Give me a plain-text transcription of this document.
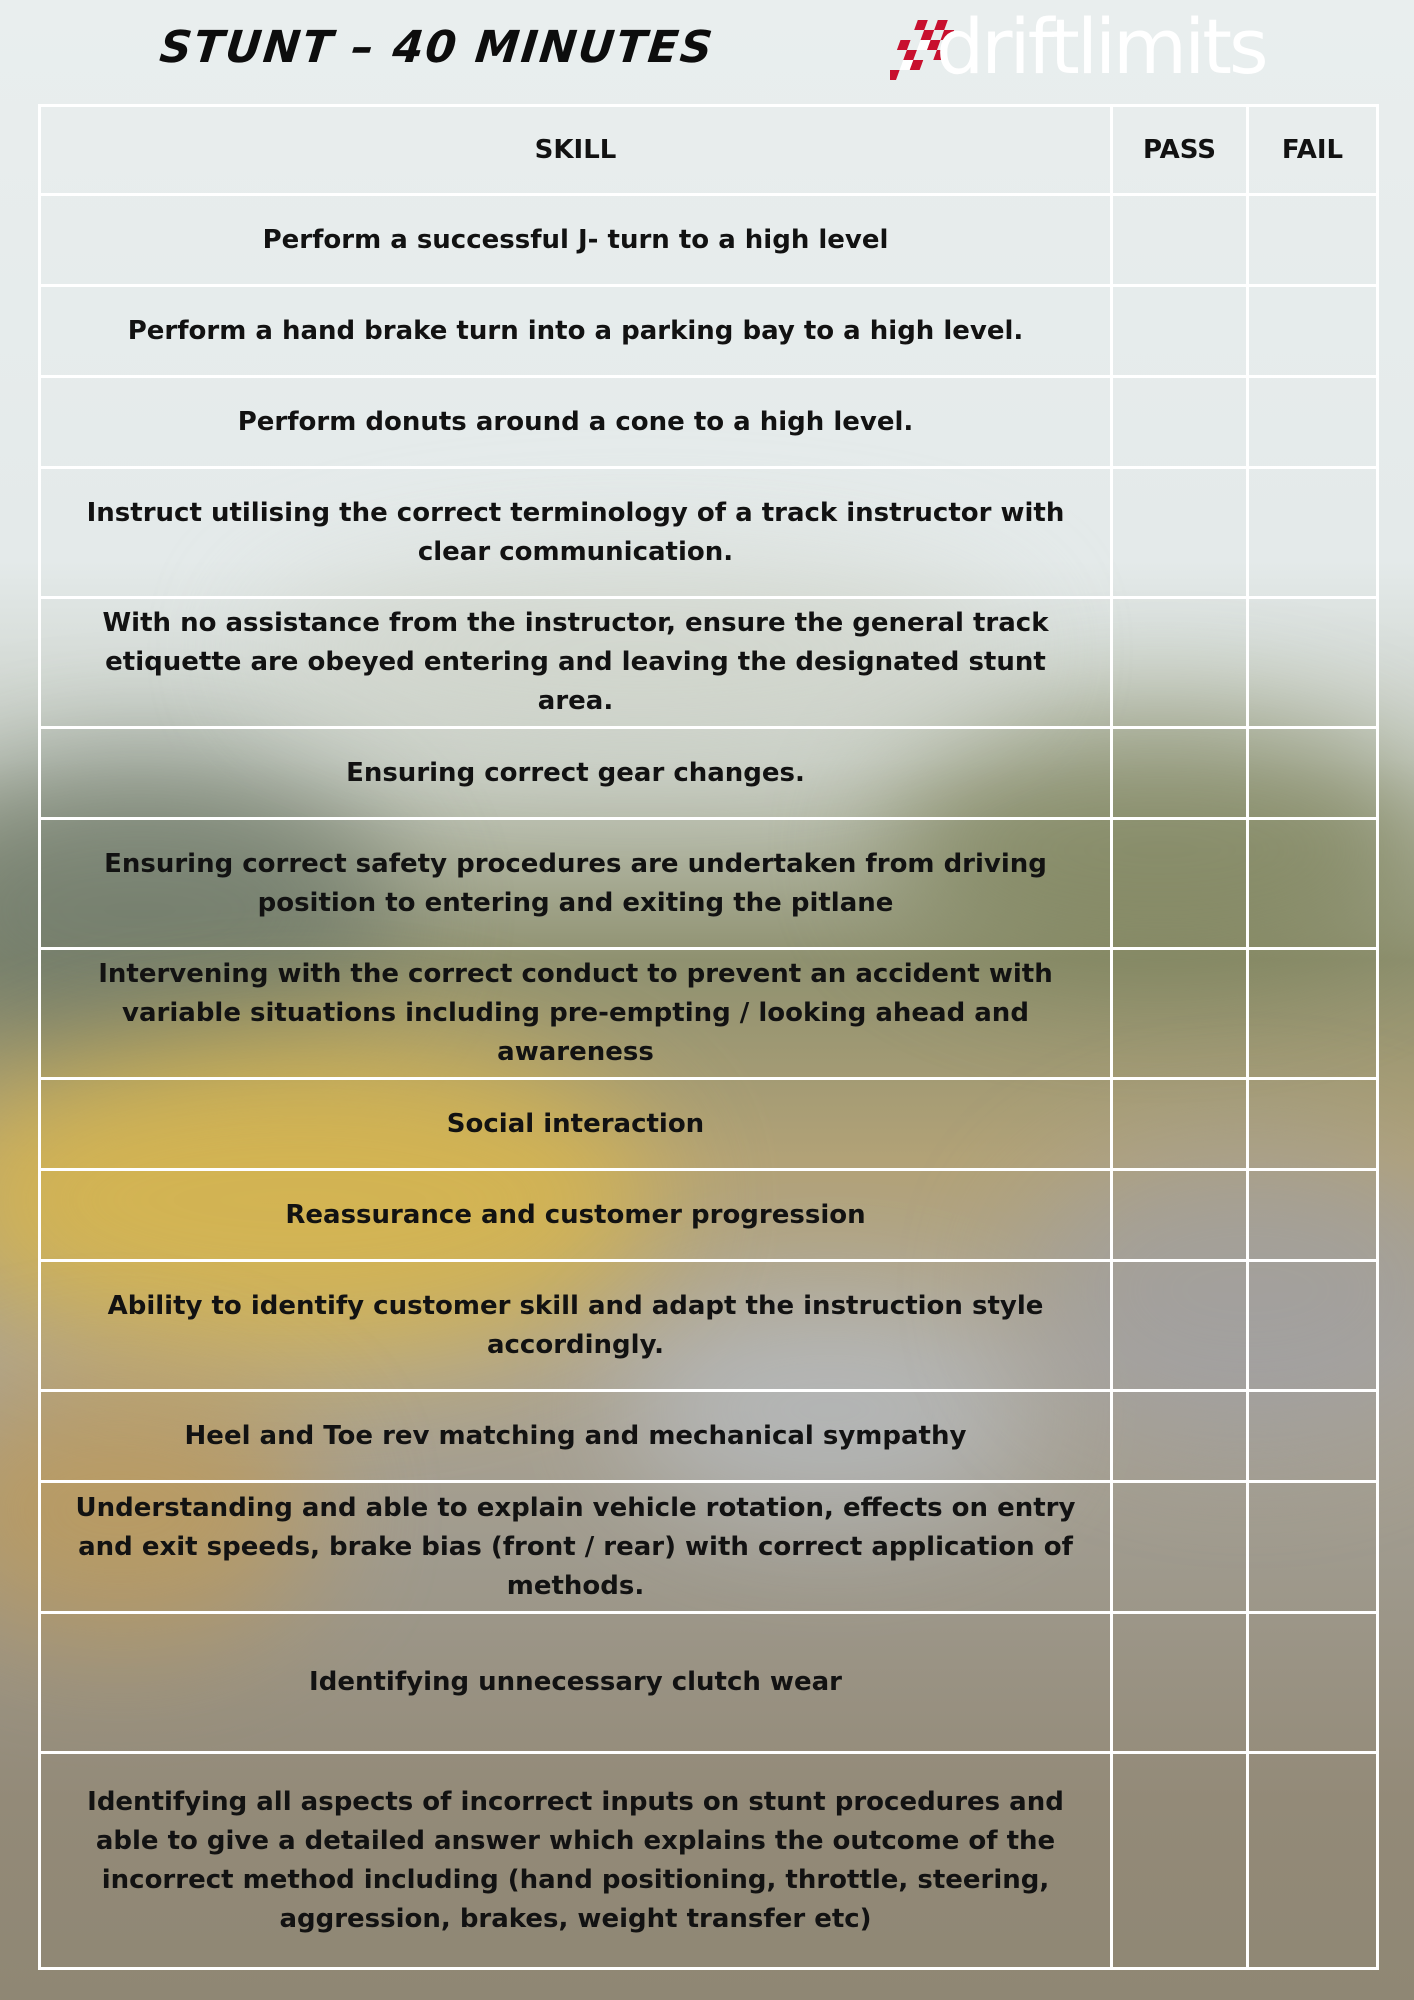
STUNT – 40 MINUTES	driftlimits
SKILL	PASS	FAIL
Perform a successful J- turn to a high level		
Perform a hand brake turn into a parking bay to a high level.		
Perform donuts around a cone to a high level.		
Instruct utilising the correct terminology of a track instructor with clear communication.		
With no assistance from the instructor, ensure the general track etiquette are obeyed entering and leaving the designated stunt area.		
Ensuring correct gear changes.		
Ensuring correct safety procedures are undertaken from driving position to entering and exiting the pitlane		
Intervening with the correct conduct to prevent an accident with variable situations including pre-empting / looking ahead and awareness		
Social interaction		
Reassurance and customer progression		
Ability to identify customer skill and adapt the instruction style accordingly.		
Heel and Toe rev matching and mechanical sympathy		
Understanding and able to explain vehicle rotation, effects on entry and exit speeds, brake bias (front / rear) with correct application of methods.		
Identifying unnecessary clutch wear		
Identifying all aspects of incorrect inputs on stunt procedures and able to give a detailed answer which explains the outcome of the incorrect method including (hand positioning, throttle, steering, aggression, brakes, weight transfer etc)		
